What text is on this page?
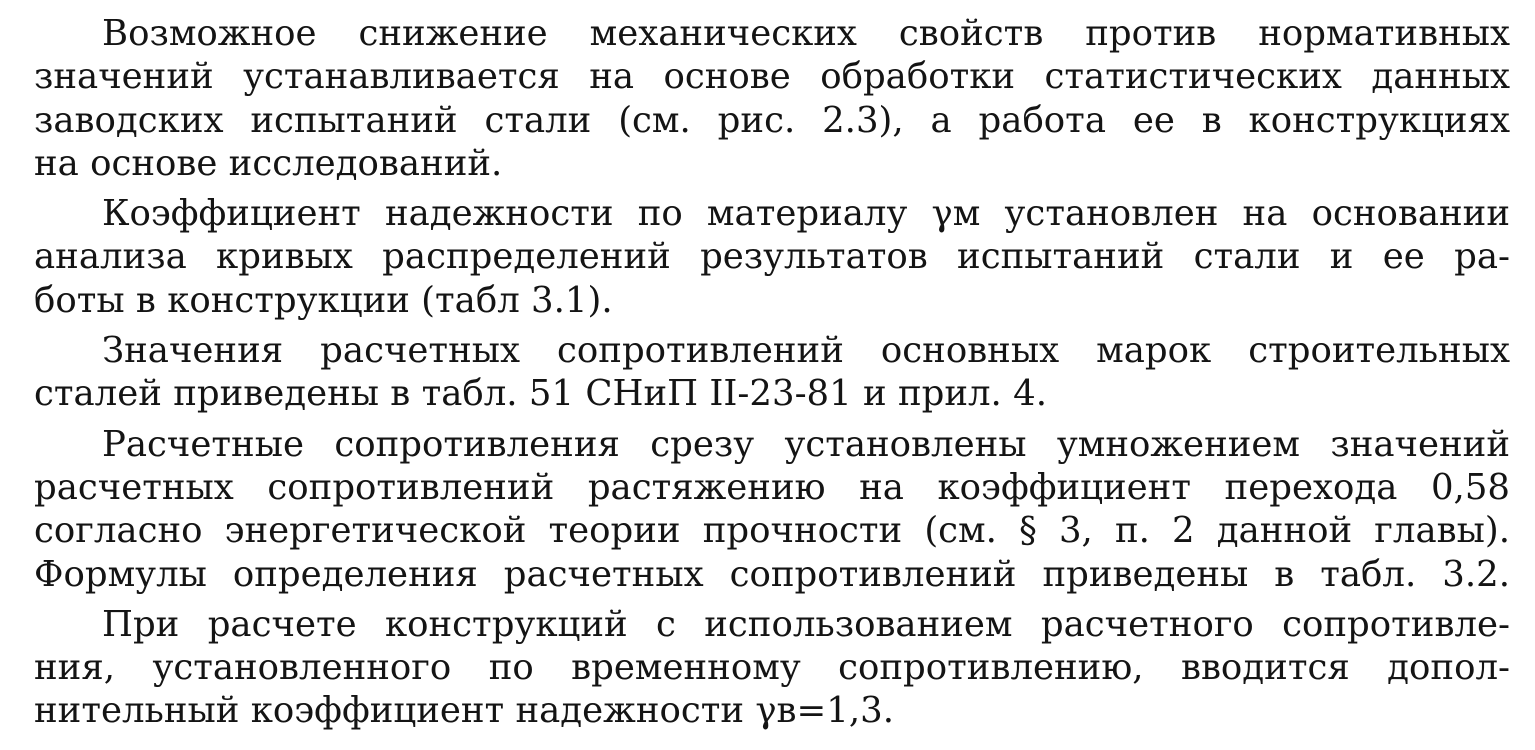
Возможное снижение механических свойств против нормативных
значений устанавливается на основе обработки статистических данных
заводских испытаний стали (см. рис. 2.3), а работа ее в конструкциях
на основе исследований.
Коэффициент надежности по материалу γм установлен на основании
анализа кривых распределений результатов испытаний стали и ее ра-
боты в конструкции (табл 3.1).
Значения расчетных сопротивлений основных марок строительных
сталей приведены в табл. 51 СНиП II-23-81 и прил. 4.
Расчетные сопротивления срезу установлены умножением значений
расчетных сопротивлений растяжению на коэффициент перехода 0,58
согласно энергетической теории прочности (см. § 3, п. 2 данной главы).
Формулы определения расчетных сопротивлений приведены в табл. 3.2.
При расчете конструкций с использованием расчетного сопротивле-
ния, установленного по временному сопротивлению, вводится допол-
нительный коэффициент надежности γв=1,3.
